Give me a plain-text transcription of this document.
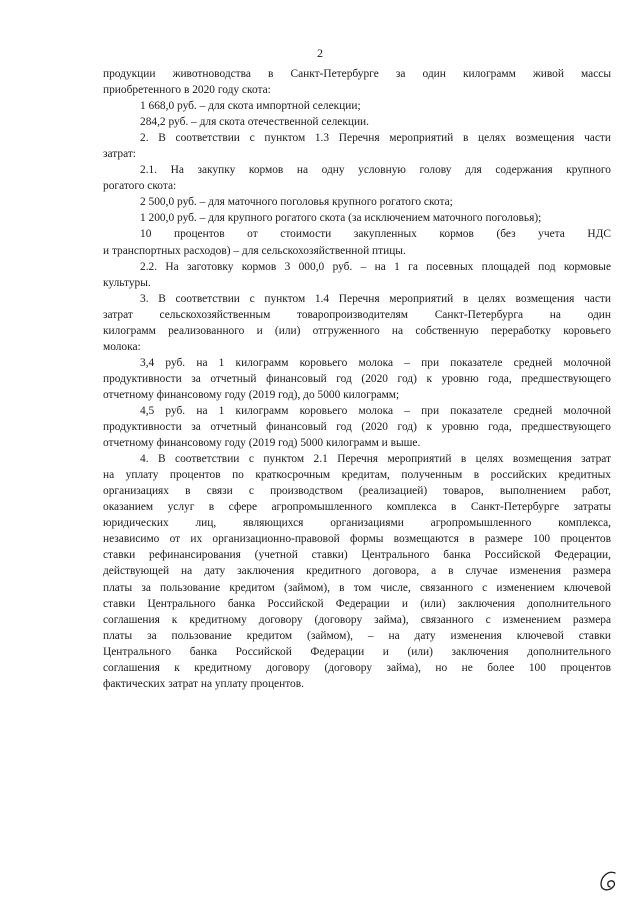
2
продукции животноводства в Санкт-Петербурге за один килограмм живой массы
приобретенного в 2020 году скота:
1 668,0 руб. – для скота импортной селекции;
284,2 руб. – для скота отечественной селекции.
2. В соответствии с пунктом 1.3 Перечня мероприятий в целях возмещения части
затрат:
2.1. На закупку кормов на одну условную голову для содержания крупного
рогатого скота:
2 500,0 руб. – для маточного поголовья крупного рогатого скота;
1 200,0 руб. – для крупного рогатого скота (за исключением маточного поголовья);
10 процентов от стоимости закупленных кормов (без учета НДС
и транспортных расходов) – для сельскохозяйственной птицы.
2.2. На заготовку кормов 3 000,0 руб. – на 1 га посевных площадей под кормовые
культуры.
3. В соответствии с пунктом 1.4 Перечня мероприятий в целях возмещения части
затрат сельскохозяйственным товаропроизводителям Санкт-Петербурга на один
килограмм реализованного и (или) отгруженного на собственную переработку коровьего
молока:
3,4 руб. на 1 килограмм коровьего молока – при показателе средней молочной
продуктивности за отчетный финансовый год (2020 год) к уровню года, предшествующего
отчетному финансовому году (2019 год), до 5000 килограмм;
4,5 руб. на 1 килограмм коровьего молока – при показателе средней молочной
продуктивности за отчетный финансовый год (2020 год) к уровню года, предшествующего
отчетному финансовому году (2019 год) 5000 килограмм и выше.
4. В соответствии с пунктом 2.1 Перечня мероприятий в целях возмещения затрат
на уплату процентов по краткосрочным кредитам, полученным в российских кредитных
организациях в связи с производством (реализацией) товаров, выполнением работ,
оказанием услуг в сфере агропромышленного комплекса в Санкт-Петербурге затраты
юридических лиц, являющихся организациями агропромышленного комплекса,
независимо от их организационно-правовой формы возмещаются в размере 100 процентов
ставки рефинансирования (учетной ставки) Центрального банка Российской Федерации,
действующей на дату заключения кредитного договора, а в случае изменения размера
платы за пользование кредитом (займом), в том числе, связанного с изменением ключевой
ставки Центрального банка Российской Федерации и (или) заключения дополнительного
соглашения к кредитному договору (договору займа), связанного с изменением размера
платы за пользование кредитом (займом), – на дату изменения ключевой ставки
Центрального банка Российской Федерации и (или) заключения дополнительного
соглашения к кредитному договору (договору займа), но не более 100 процентов
фактических затрат на уплату процентов.
